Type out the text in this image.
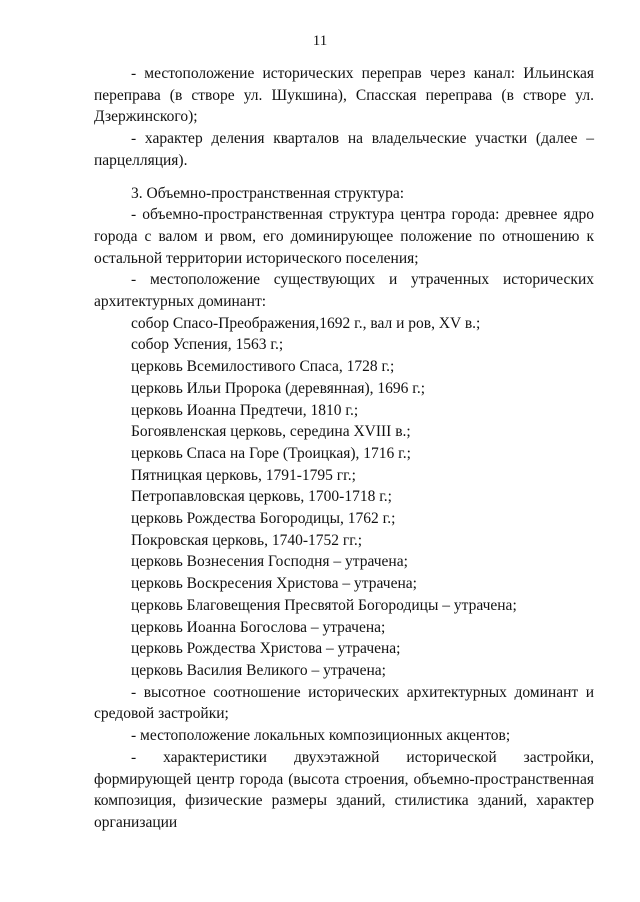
11

- местоположение исторических переправ через канал: Ильинская переправа (в створе ул. Шукшина), Спасская переправа (в створе ул. Дзержинского);

- характер деления кварталов на владельческие участки (далее – парцелляция).

3. Объемно-пространственная структура:

- объемно-пространственная структура центра города: древнее ядро города с валом и рвом, его доминирующее положение по отношению к остальной территории исторического поселения;

- местоположение существующих и утраченных исторических архитектурных доминант:

собор Спасо-Преображения,1692 г., вал и ров, XV в.;

собор Успения, 1563 г.;

церковь Всемилостивого Спаса, 1728 г.;

церковь Ильи Пророка (деревянная), 1696 г.;

церковь Иоанна Предтечи, 1810 г.;

Богоявленская церковь, середина XVIII в.;

церковь Спаса на Горе (Троицкая), 1716 г.;

Пятницкая церковь, 1791-1795 гг.;

Петропавловская церковь, 1700-1718 г.;

церковь Рождества Богородицы, 1762 г.;

Покровская церковь, 1740-1752 гг.;

церковь Вознесения Господня – утрачена;

церковь Воскресения Христова – утрачена;

церковь Благовещения Пресвятой Богородицы – утрачена;

церковь Иоанна Богослова – утрачена;

церковь Рождества Христова – утрачена;

церковь Василия Великого – утрачена;

- высотное соотношение исторических архитектурных доминант и средовой застройки;

- местоположение локальных композиционных акцентов;

- характеристики двухэтажной исторической застройки, формирующей центр города (высота строения, объемно-пространственная композиция, физические размеры зданий, стилистика зданий, характер организации
